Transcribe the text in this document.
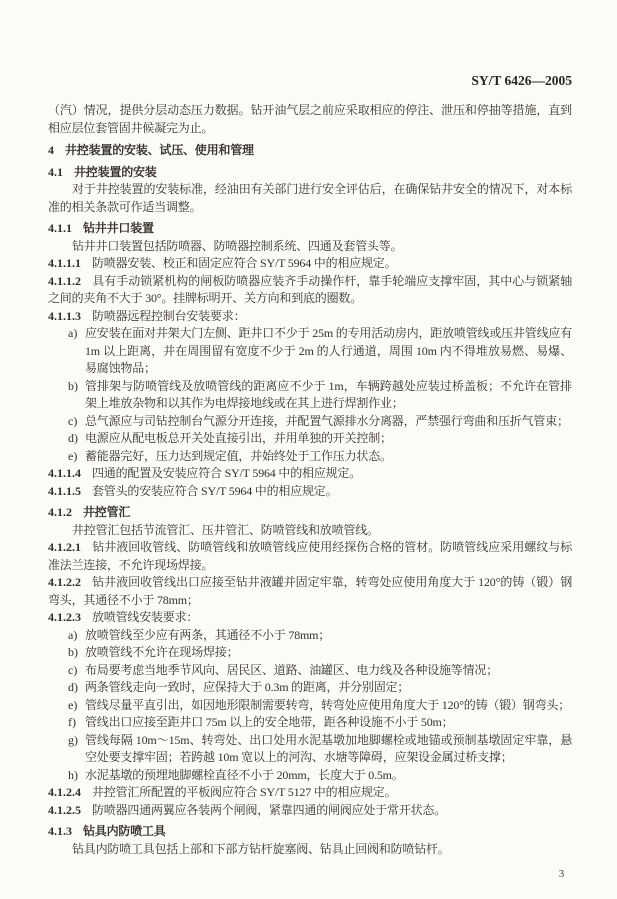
SY/T 6426—2005
（汽）情况，提供分层动态压力数据。钻开油气层之前应采取相应的停注、泄压和停抽等措施，直到相应层位套管固井候凝完为止。
4 井控装置的安装、试压、使用和管理
4.1 井控装置的安装
对于井控装置的安装标准，经油田有关部门进行安全评估后，在确保钻井安全的情况下，对本标准的相关条款可作适当调整。
4.1.1 钻井井口装置
钻井井口装置包括防喷器、防喷器控制系统、四通及套管头等。
4.1.1.1 防喷器安装、校正和固定应符合 SY/T 5964 中的相应规定。
4.1.1.2 具有手动锁紧机构的闸板防喷器应装齐手动操作杆，靠手轮端应支撑牢固，其中心与锁紧轴之间的夹角不大于 30°。挂牌标明开、关方向和到底的圈数。
4.1.1.3 防喷器远程控制台安装要求：
a) 应安装在面对井架大门左侧、距井口不少于 25m 的专用活动房内，距放喷管线或压井管线应有 1m 以上距离，并在周围留有宽度不少于 2m 的人行通道，周围 10m 内不得堆放易燃、易爆、易腐蚀物品；
b) 管排架与防喷管线及放喷管线的距离应不少于 1m，车辆跨越处应装过桥盖板；不允许在管排架上堆放杂物和以其作为电焊接地线或在其上进行焊割作业；
c) 总气源应与司钻控制台气源分开连接，并配置气源排水分离器，严禁强行弯曲和压折气管束；
d) 电源应从配电板总开关处直接引出，并用单独的开关控制；
e) 蓄能器完好，压力达到规定值，并始终处于工作压力状态。
4.1.1.4 四通的配置及安装应符合 SY/T 5964 中的相应规定。
4.1.1.5 套管头的安装应符合 SY/T 5964 中的相应规定。
4.1.2 井控管汇
井控管汇包括节流管汇、压井管汇、防喷管线和放喷管线。
4.1.2.1 钻井液回收管线、防喷管线和放喷管线应使用经探伤合格的管材。防喷管线应采用螺纹与标准法兰连接，不允许现场焊接。
4.1.2.2 钻井液回收管线出口应接至钻井液罐并固定牢靠，转弯处应使用角度大于 120°的铸（锻）钢弯头，其通径不小于 78mm；
4.1.2.3 放喷管线安装要求：
a) 放喷管线至少应有两条，其通径不小于 78mm；
b) 放喷管线不允许在现场焊接；
c) 布局要考虑当地季节风向、居民区、道路、油罐区、电力线及各种设施等情况；
d) 两条管线走向一致时，应保持大于 0.3m 的距离，并分别固定；
e) 管线尽量平直引出，如因地形限制需要转弯，转弯处应使用角度大于 120°的铸（锻）钢弯头；
f) 管线出口应接至距井口 75m 以上的安全地带，距各种设施不小于 50m；
g) 管线每隔 10m～15m、转弯处、出口处用水泥基墩加地脚螺栓或地锚或预制基墩固定牢靠，悬空处要支撑牢固；若跨越 10m 宽以上的河沟、水塘等障碍，应架设金属过桥支撑；
h) 水泥基墩的预埋地脚螺栓直径不小于 20mm，长度大于 0.5m。
4.1.2.4 井控管汇所配置的平板阀应符合 SY/T 5127 中的相应规定。
4.1.2.5 防喷器四通两翼应各装两个闸阀，紧靠四通的闸阀应处于常开状态。
4.1.3 钻具内防喷工具
钻具内防喷工具包括上部和下部方钻杆旋塞阀、钻具止回阀和防喷钻杆。
3
